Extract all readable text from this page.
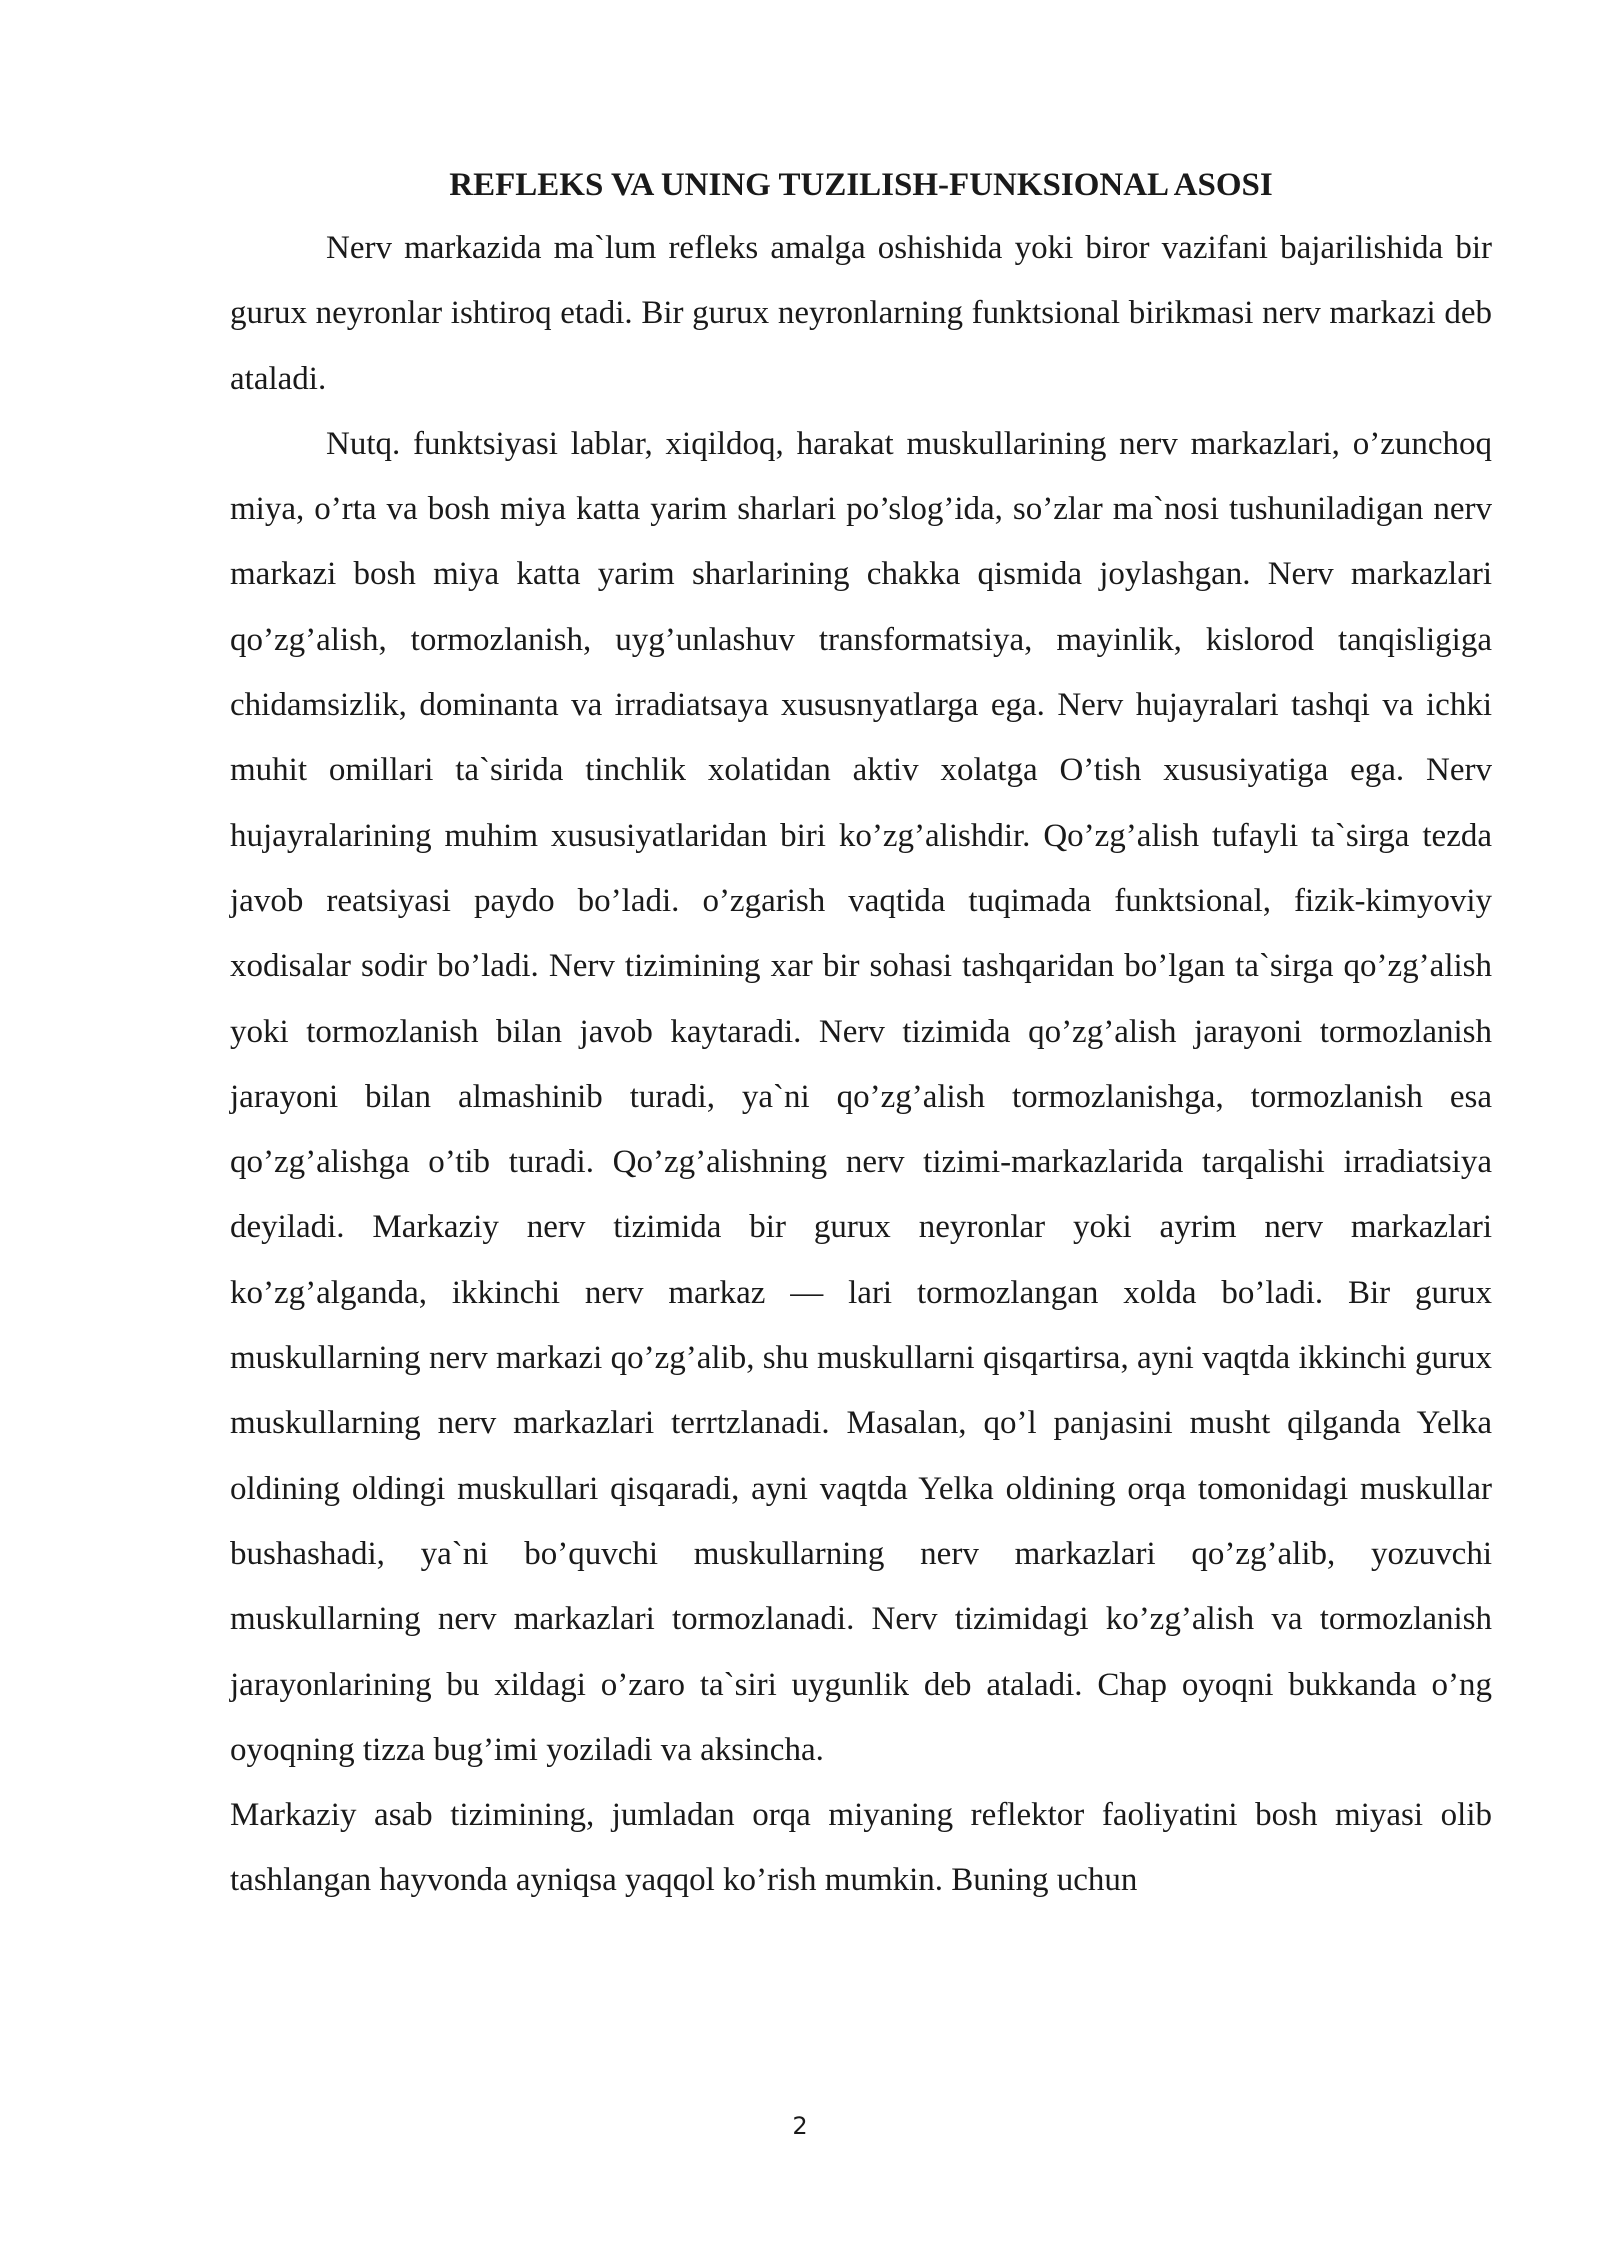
REFLEKS VA UNING TUZILISH-FUNKSIONAL ASOSI

Nerv markazida ma`lum refleks amalga oshishida yoki biror vazifani bajarilishida bir gurux neyronlar ishtiroq etadi. Bir gurux neyronlarning funktsional birikmasi nerv markazi deb ataladi.

Nutq. funktsiyasi lablar, xiqildoq, harakat muskullarining nerv markazlari, o’zunchoq miya, o’rta va bosh miya katta yarim sharlari po’slog’ida, so’zlar ma`nosi tushuniladigan nerv markazi bosh miya katta yarim sharlarining chakka qismida joylashgan. Nerv markazlari qo’zg’alish, tormozlanish, uyg’unlashuv transformatsiya, mayinlik, kislorod tanqisligiga chidamsizlik, dominanta va irradiatsaya xususnyatlarga ega. Nerv hujayralari tashqi va ichki muhit omillari ta`sirida tinchlik xolatidan aktiv xolatga O’tish xususiyatiga ega. Nerv hujayralarining muhim xususiyatlaridan biri ko’zg’alishdir. Qo’zg’alish tufayli ta`sirga tezda javob reatsiyasi paydo bo’ladi. o’zgarish vaqtida tuqimada funktsional, fizik-kimyoviy xodisalar sodir bo’ladi. Nerv tizimining xar bir sohasi tashqaridan bo’lgan ta`sirga qo’zg’alish yoki tormozlanish bilan javob kaytaradi. Nerv tizimida qo’zg’alish jarayoni tormozlanish jarayoni bilan almashinib turadi, ya`ni qo’zg’alish tormozlanishga, tormozlanish esa qo’zg’alishga o’tib turadi. Qo’zg’alishning nerv tizimi-markazlarida tarqalishi irradiatsiya deyiladi. Markaziy nerv tizimida bir gurux neyronlar yoki ayrim nerv markazlari ko’zg’alganda, ikkinchi nerv markaz — lari tormozlangan xolda bo’ladi. Bir gurux muskullarning nerv markazi qo’zg’alib, shu muskullarni qisqartirsa, ayni vaqtda ikkinchi gurux muskullarning nerv markazlari terrtzlanadi. Masalan, qo’l panjasini musht qilganda Yelka oldining oldingi muskullari qisqaradi, ayni vaqtda Yelka oldining orqa tomonidagi muskullar bushashadi, ya`ni bo’quvchi muskullarning nerv markazlari qo’zg’alib, yozuvchi muskullarning nerv markazlari tormozlanadi. Nerv tizimidagi ko’zg’alish va tormozlanish jarayonlarining bu xildagi o’zaro ta`siri uygunlik deb ataladi. Chap oyoqni bukkanda o’ng oyoqning tizza bug’imi yoziladi va aksincha.

Markaziy asab tizimining, jumladan orqa miyaning reflektor faoliyatini bosh miyasi olib tashlangan hayvonda ayniqsa yaqqol ko’rish mumkin. Buning uchun

2
